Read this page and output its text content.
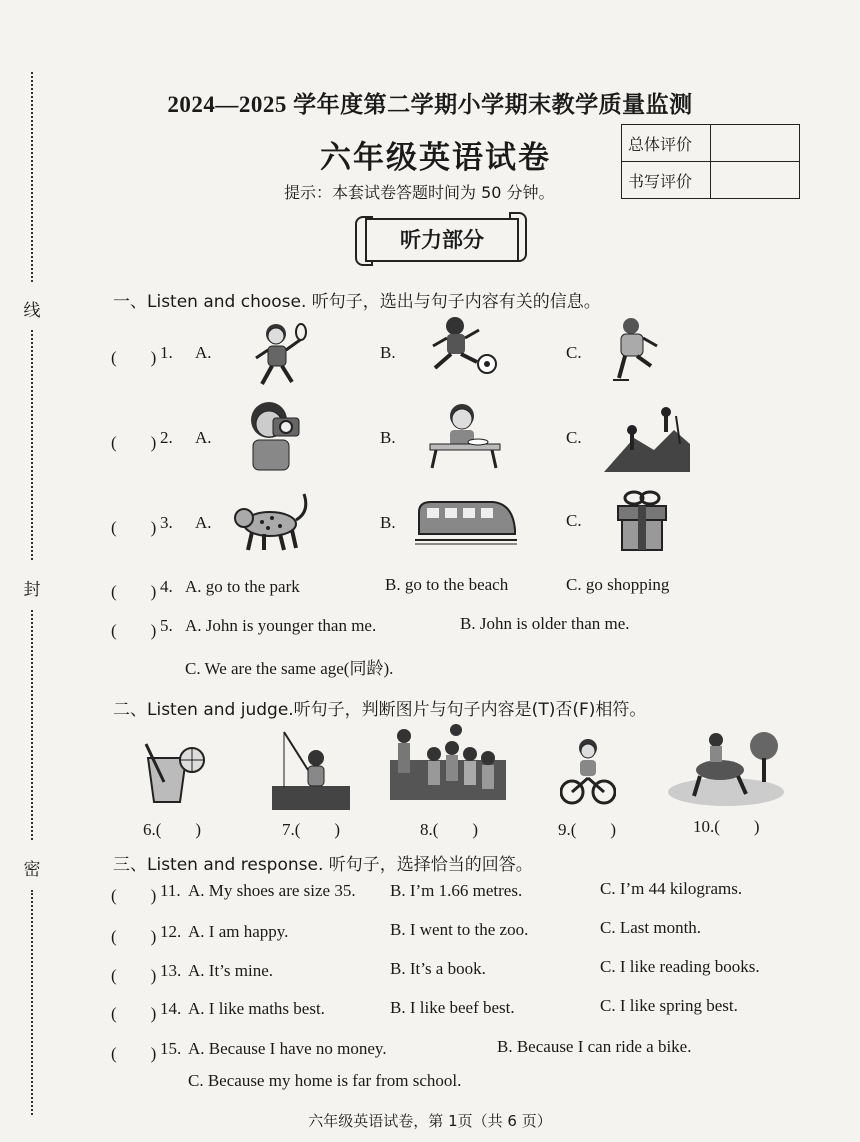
线
封
密
2024—2025 学年度第二学期小学期末教学质量监测
六年级英语试卷
提示：本套试卷答题时间为 50 分钟。
总体评价	
书写评价	
听力部分
一、Listen and choose. 听句子，选出与句子内容有关的信息。
(　　) 1. A.	B.	C.
(　　) 2. A.	B.	C.
(　　) 3. A.	B.	C.
(　　) 4. A. go to the park	B. go to the beach	C. go shopping
(　　) 5. A. John is younger than me.	B. John is older than me.
C. We are the same age(同龄).
二、Listen and judge.听句子，判断图片与句子内容是(T)否(F)相符。
6.(　　)	7.(　　)	8.(　　)	9.(　　)	10.(　　)
三、Listen and response. 听句子，选择恰当的回答。
(　　) 11. A. My shoes are size 35. B. I’m 1.66 metres.	C. I’m 44 kilograms.
(　　) 12. A. I am happy.	B. I went to the zoo.	C. Last month.
(　　) 13. A. It’s mine.	B. It’s a book.	C. I like reading books.
(　　) 14. A. I like maths best.	B. I like beef best.	C. I like spring best.
(　　) 15. A. Because I have no money.	B. Because I can ride a bike.
C. Because my home is far from school.
六年级英语试卷，第 1页（共 6 页）
